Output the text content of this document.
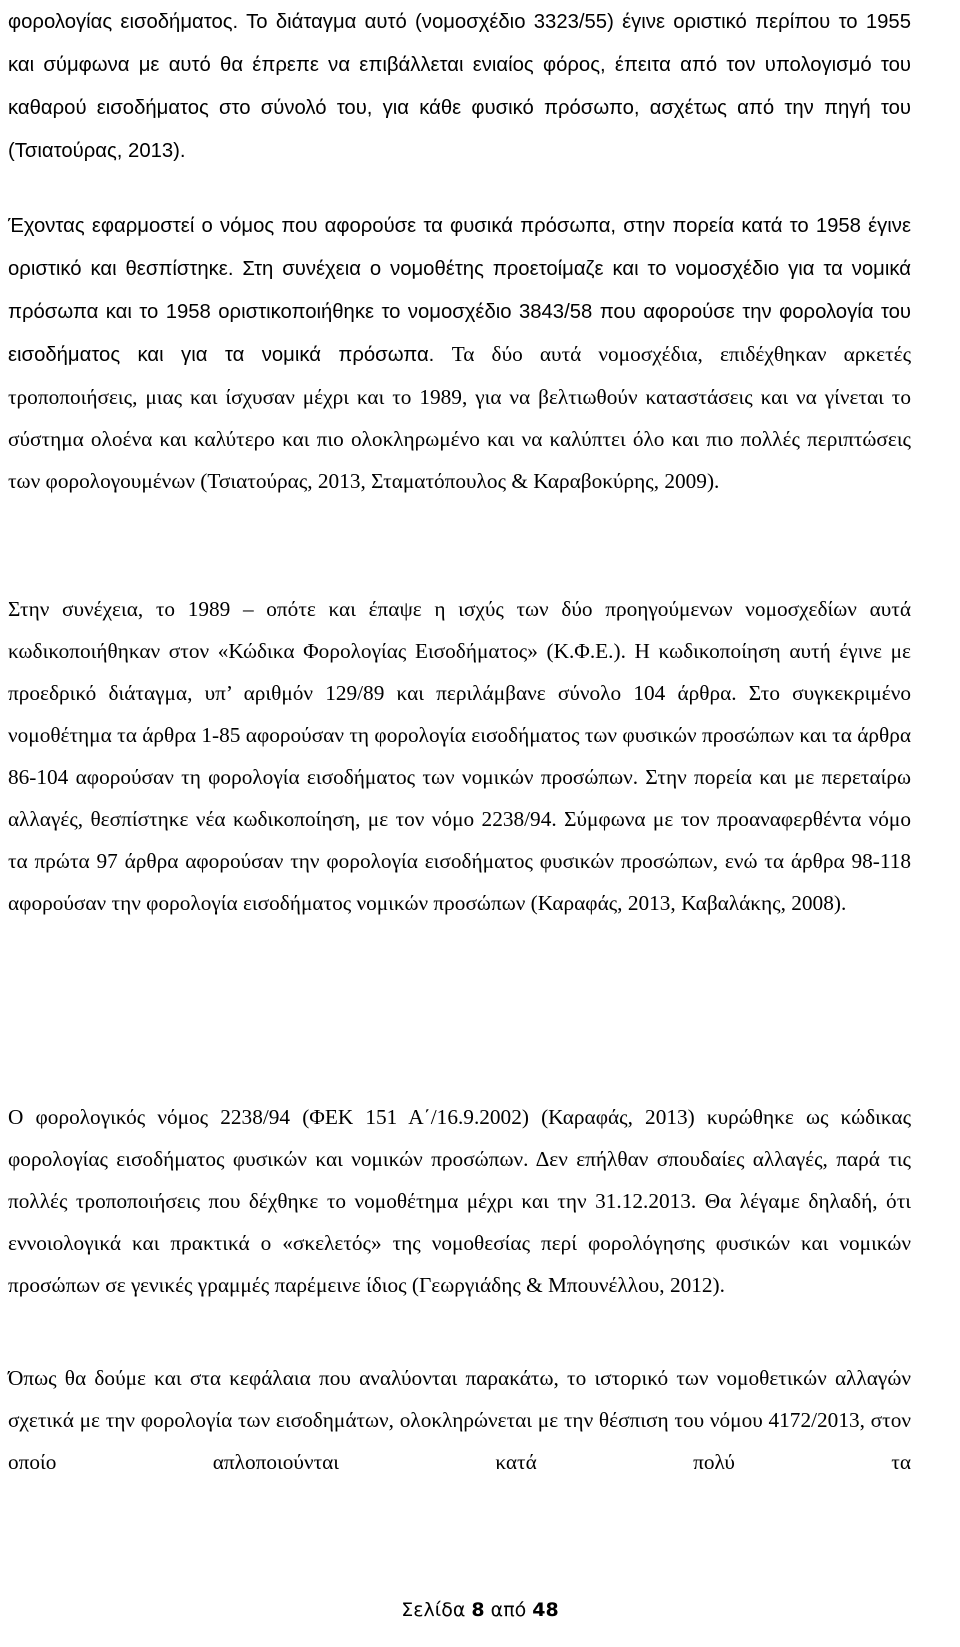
φορολογίας εισοδήματος. Το διάταγμα αυτό (νομοσχέδιο 3323/55) έγινε οριστικό περίπου το 1955 και σύμφωνα με αυτό θα έπρεπε να επιβάλλεται ενιαίος φόρος, έπειτα από τον υπολογισμό του καθαρού εισοδήματος στο σύνολό του, για κάθε φυσικό πρόσωπο, ασχέτως από την πηγή του (Τσιατούρας, 2013).

Έχοντας εφαρμοστεί ο νόμος που αφορούσε τα φυσικά πρόσωπα, στην πορεία κατά το 1958 έγινε οριστικό και θεσπίστηκε. Στη συνέχεια ο νομοθέτης προετοίμαζε και το νομοσχέδιο για τα νομικά πρόσωπα και το 1958 οριστικοποιήθηκε το νομοσχέδιο 3843/58 που αφορούσε την φορολογία του εισοδήματος και για τα νομικά πρόσωπα. Τα δύο αυτά νομοσχέδια, επιδέχθηκαν αρκετές τροποποιήσεις, μιας και ίσχυσαν μέχρι και το 1989, για να βελτιωθούν καταστάσεις και να γίνεται το σύστημα ολοένα και καλύτερο και πιο ολοκληρωμένο και να καλύπτει όλο και πιο πολλές περιπτώσεις των φορολογουμένων (Τσιατούρας, 2013, Σταματόπουλος & Καραβοκύρης, 2009).

Στην συνέχεια, το 1989 – οπότε και έπαψε η ισχύς των δύο προηγούμενων νομοσχεδίων αυτά κωδικοποιήθηκαν στον «Κώδικα Φορολογίας Εισοδήματος» (Κ.Φ.Ε.). Η κωδικοποίηση αυτή έγινε με προεδρικό διάταγμα, υπ’ αριθμόν 129/89 και περιλάμβανε σύνολο 104 άρθρα. Στο συγκεκριμένο νομοθέτημα τα άρθρα 1-85 αφορούσαν τη φορολογία εισοδήματος των φυσικών προσώπων και τα άρθρα 86-104 αφορούσαν τη φορολογία εισοδήματος των νομικών προσώπων. Στην πορεία και με περεταίρω αλλαγές, θεσπίστηκε νέα κωδικοποίηση, με τον νόμο 2238/94. Σύμφωνα με τον προαναφερθέντα νόμο τα πρώτα 97 άρθρα αφορούσαν την φορολογία εισοδήματος φυσικών προσώπων, ενώ τα άρθρα 98-118 αφορούσαν την φορολογία εισοδήματος νομικών προσώπων (Καραφάς, 2013, Καβαλάκης, 2008).

Ο φορολογικός νόμος 2238/94 (ΦΕΚ 151 Α΄/16.9.2002) (Καραφάς, 2013) κυρώθηκε ως κώδικας φορολογίας εισοδήματος φυσικών και νομικών προσώπων. Δεν επήλθαν σπουδαίες αλλαγές, παρά τις πολλές τροποποιήσεις που δέχθηκε το νομοθέτημα μέχρι και την 31.12.2013. Θα λέγαμε δηλαδή, ότι εννοιολογικά και πρακτικά ο «σκελετός» της νομοθεσίας περί φορολόγησης φυσικών και νομικών προσώπων σε γενικές γραμμές παρέμεινε ίδιος (Γεωργιάδης & Μπουνέλλου, 2012).

Όπως θα δούμε και στα κεφάλαια που αναλύονται παρακάτω, το ιστορικό των νομοθετικών αλλαγών σχετικά με την φορολογία των εισοδημάτων, ολοκληρώνεται με την θέσπιση του νόμου 4172/2013, στον οποίο απλοποιούνται κατά πολύ τα

Σελίδα 8 από 48
